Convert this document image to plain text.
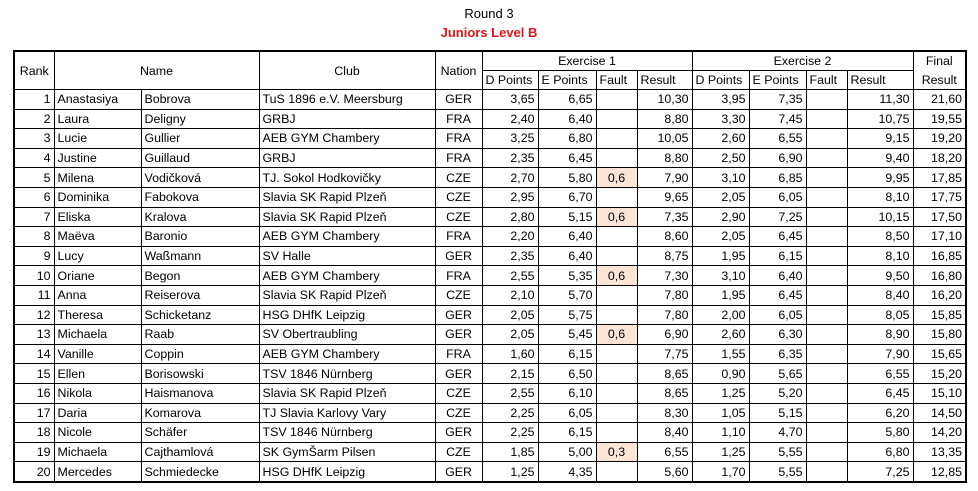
Round 3
Juniors Level B
Rank	Name		Club	Nation	Exercise 1				Exercise 2				Final
					D Points	E Points	Fault	Result	D Points	E Points	Fault	Result	Result
1	Anastasiya	Bobrova	TuS 1896 e.V. Meersburg	GER	3,65	6,65		10,30	3,95	7,35		11,30	21,60
2	Laura	Deligny	GRBJ	FRA	2,40	6,40		8,80	3,30	7,45		10,75	19,55
3	Lucie	Gullier	AEB GYM Chambery	FRA	3,25	6,80		10,05	2,60	6,55		9,15	19,20
4	Justine	Guillaud	GRBJ	FRA	2,35	6,45		8,80	2,50	6,90		9,40	18,20
5	Milena	Vodičková	TJ. Sokol Hodkovičky	CZE	2,70	5,80	0,6	7,90	3,10	6,85		9,95	17,85
6	Dominika	Fabokova	Slavia SK Rapid Plzeň	CZE	2,95	6,70		9,65	2,05	6,05		8,10	17,75
7	Eliska	Kralova	Slavia SK Rapid Plzeň	CZE	2,80	5,15	0,6	7,35	2,90	7,25		10,15	17,50
8	Maëva	Baronio	AEB GYM Chambery	FRA	2,20	6,40		8,60	2,05	6,45		8,50	17,10
9	Lucy	Waßmann	SV Halle	GER	2,35	6,40		8,75	1,95	6,15		8,10	16,85
10	Oriane	Begon	AEB GYM Chambery	FRA	2,55	5,35	0,6	7,30	3,10	6,40		9,50	16,80
11	Anna	Reiserova	Slavia SK Rapid Plzeň	CZE	2,10	5,70		7,80	1,95	6,45		8,40	16,20
12	Theresa	Schicketanz	HSG DHfK Leipzig	GER	2,05	5,75		7,80	2,00	6,05		8,05	15,85
13	Michaela	Raab	SV Obertraubling	GER	2,05	5,45	0,6	6,90	2,60	6,30		8,90	15,80
14	Vanille	Coppin	AEB GYM Chambery	FRA	1,60	6,15		7,75	1,55	6,35		7,90	15,65
15	Ellen	Borisowski	TSV 1846 Nürnberg	GER	2,15	6,50		8,65	0,90	5,65		6,55	15,20
16	Nikola	Haismanova	Slavia SK Rapid Plzeň	CZE	2,55	6,10		8,65	1,25	5,20		6,45	15,10
17	Daria	Komarova	TJ Slavia Karlovy Vary	CZE	2,25	6,05		8,30	1,05	5,15		6,20	14,50
18	Nicole	Schäfer	TSV 1846 Nürnberg	GER	2,25	6,15		8,40	1,10	4,70		5,80	14,20
19	Michaela	Cajthamlová	SK GymŠarm Pilsen	CZE	1,85	5,00	0,3	6,55	1,25	5,55		6,80	13,35
20	Mercedes	Schmiedecke	HSG DHfK Leipzig	GER	1,25	4,35		5,60	1,70	5,55		7,25	12,85
